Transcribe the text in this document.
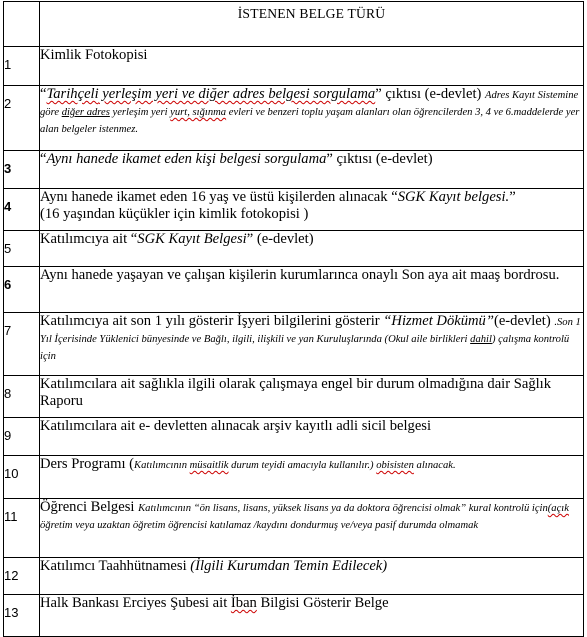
	İSTENEN BELGE TÜRÜ

1	Kimlik Fotokopisi

2	“Tarihçeli yerleşim yeri ve diğer adres belgesi sorgulama” çıktısı (e-devlet) Adres Kayıt Sistemine göre diğer adres yerleşim yeri yurt, sığınma evleri ve benzeri toplu yaşam alanları olan öğrencilerden 3, 4 ve 6.maddelerde yer alan belgeler istenmez.

3	“Aynı hanede ikamet eden kişi belgesi sorgulama” çıktısı (e-devlet)

4	Aynı hanede ikamet eden 16 yaş ve üstü kişilerden alınacak “SGK Kayıt belgesi.”
(16 yaşından küçükler için kimlik fotokopisi )

5	Katılımcıya ait “SGK Kayıt Belgesi” (e-devlet)

6	Aynı hanede yaşayan ve çalışan kişilerin kurumlarınca onaylı Son aya ait maaş bordrosu.

7	Katılımcıya ait son 1 yılı gösterir İşyeri bilgilerini gösterir “Hizmet Dökümü”(e-devlet) .Son 1 Yıl İçerisinde Yüklenici bünyesinde ve Bağlı, ilgili, ilişkili ve yan Kuruluşlarında (Okul aile birlikleri dahil) çalışma kontrolü için

8	Katılımcılara ait sağlıkla ilgili olarak çalışmaya engel bir durum olmadığına dair Sağlık Raporu

9	Katılımcılara ait e- devletten alınacak arşiv kayıtlı adli sicil belgesi

10	Ders Programı (Katılımcının müsaitlik durum teyidi amacıyla kullanılır.) obisisten alınacak.

11	Öğrenci Belgesi Katılımcının “ön lisans, lisans, yüksek lisans ya da doktora öğrencisi olmak” kural kontrolü için(açık öğretim veya uzaktan öğretim öğrencisi katılamaz /kaydını dondurmuş ve/veya pasif durumda olmamak

12	Katılımcı Taahhütnamesi (İlgili Kurumdan Temin Edilecek)

13	Halk Bankası Erciyes Şubesi ait İban Bilgisi Gösterir Belge
